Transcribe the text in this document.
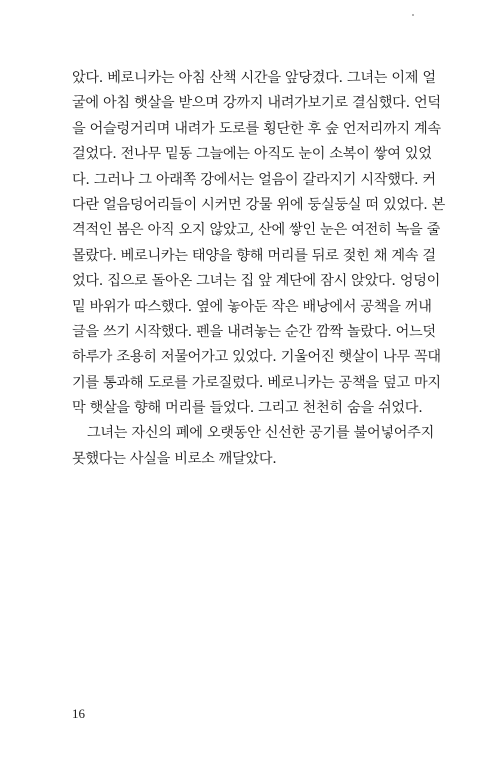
았다. 베로니카는 아침 산책 시간을 앞당겼다. 그녀는 이제 얼
굴에 아침 햇살을 받으며 강까지 내려가보기로 결심했다. 언덕
을 어슬렁거리며 내려가 도로를 횡단한 후 숲 언저리까지 계속
걸었다. 전나무 밑동 그늘에는 아직도 눈이 소복이 쌓여 있었
다. 그러나 그 아래쪽 강에서는 얼음이 갈라지기 시작했다. 커
다란 얼음덩어리들이 시커먼 강물 위에 둥실둥실 떠 있었다. 본
격적인 봄은 아직 오지 않았고, 산에 쌓인 눈은 여전히 녹을 줄
몰랐다. 베로니카는 태양을 향해 머리를 뒤로 젖힌 채 계속 걸
었다. 집으로 돌아온 그녀는 집 앞 계단에 잠시 앉았다. 엉덩이
밑 바위가 따스했다. 옆에 놓아둔 작은 배낭에서 공책을 꺼내
글을 쓰기 시작했다. 펜을 내려놓는 순간 깜짝 놀랐다. 어느덧
하루가 조용히 저물어가고 있었다. 기울어진 햇살이 나무 꼭대
기를 통과해 도로를 가로질렀다. 베로니카는 공책을 덮고 마지
막 햇살을 향해 머리를 들었다. 그리고 천천히 숨을 쉬었다.
그녀는 자신의 폐에 오랫동안 신선한 공기를 불어넣어주지
못했다는 사실을 비로소 깨달았다.
16
